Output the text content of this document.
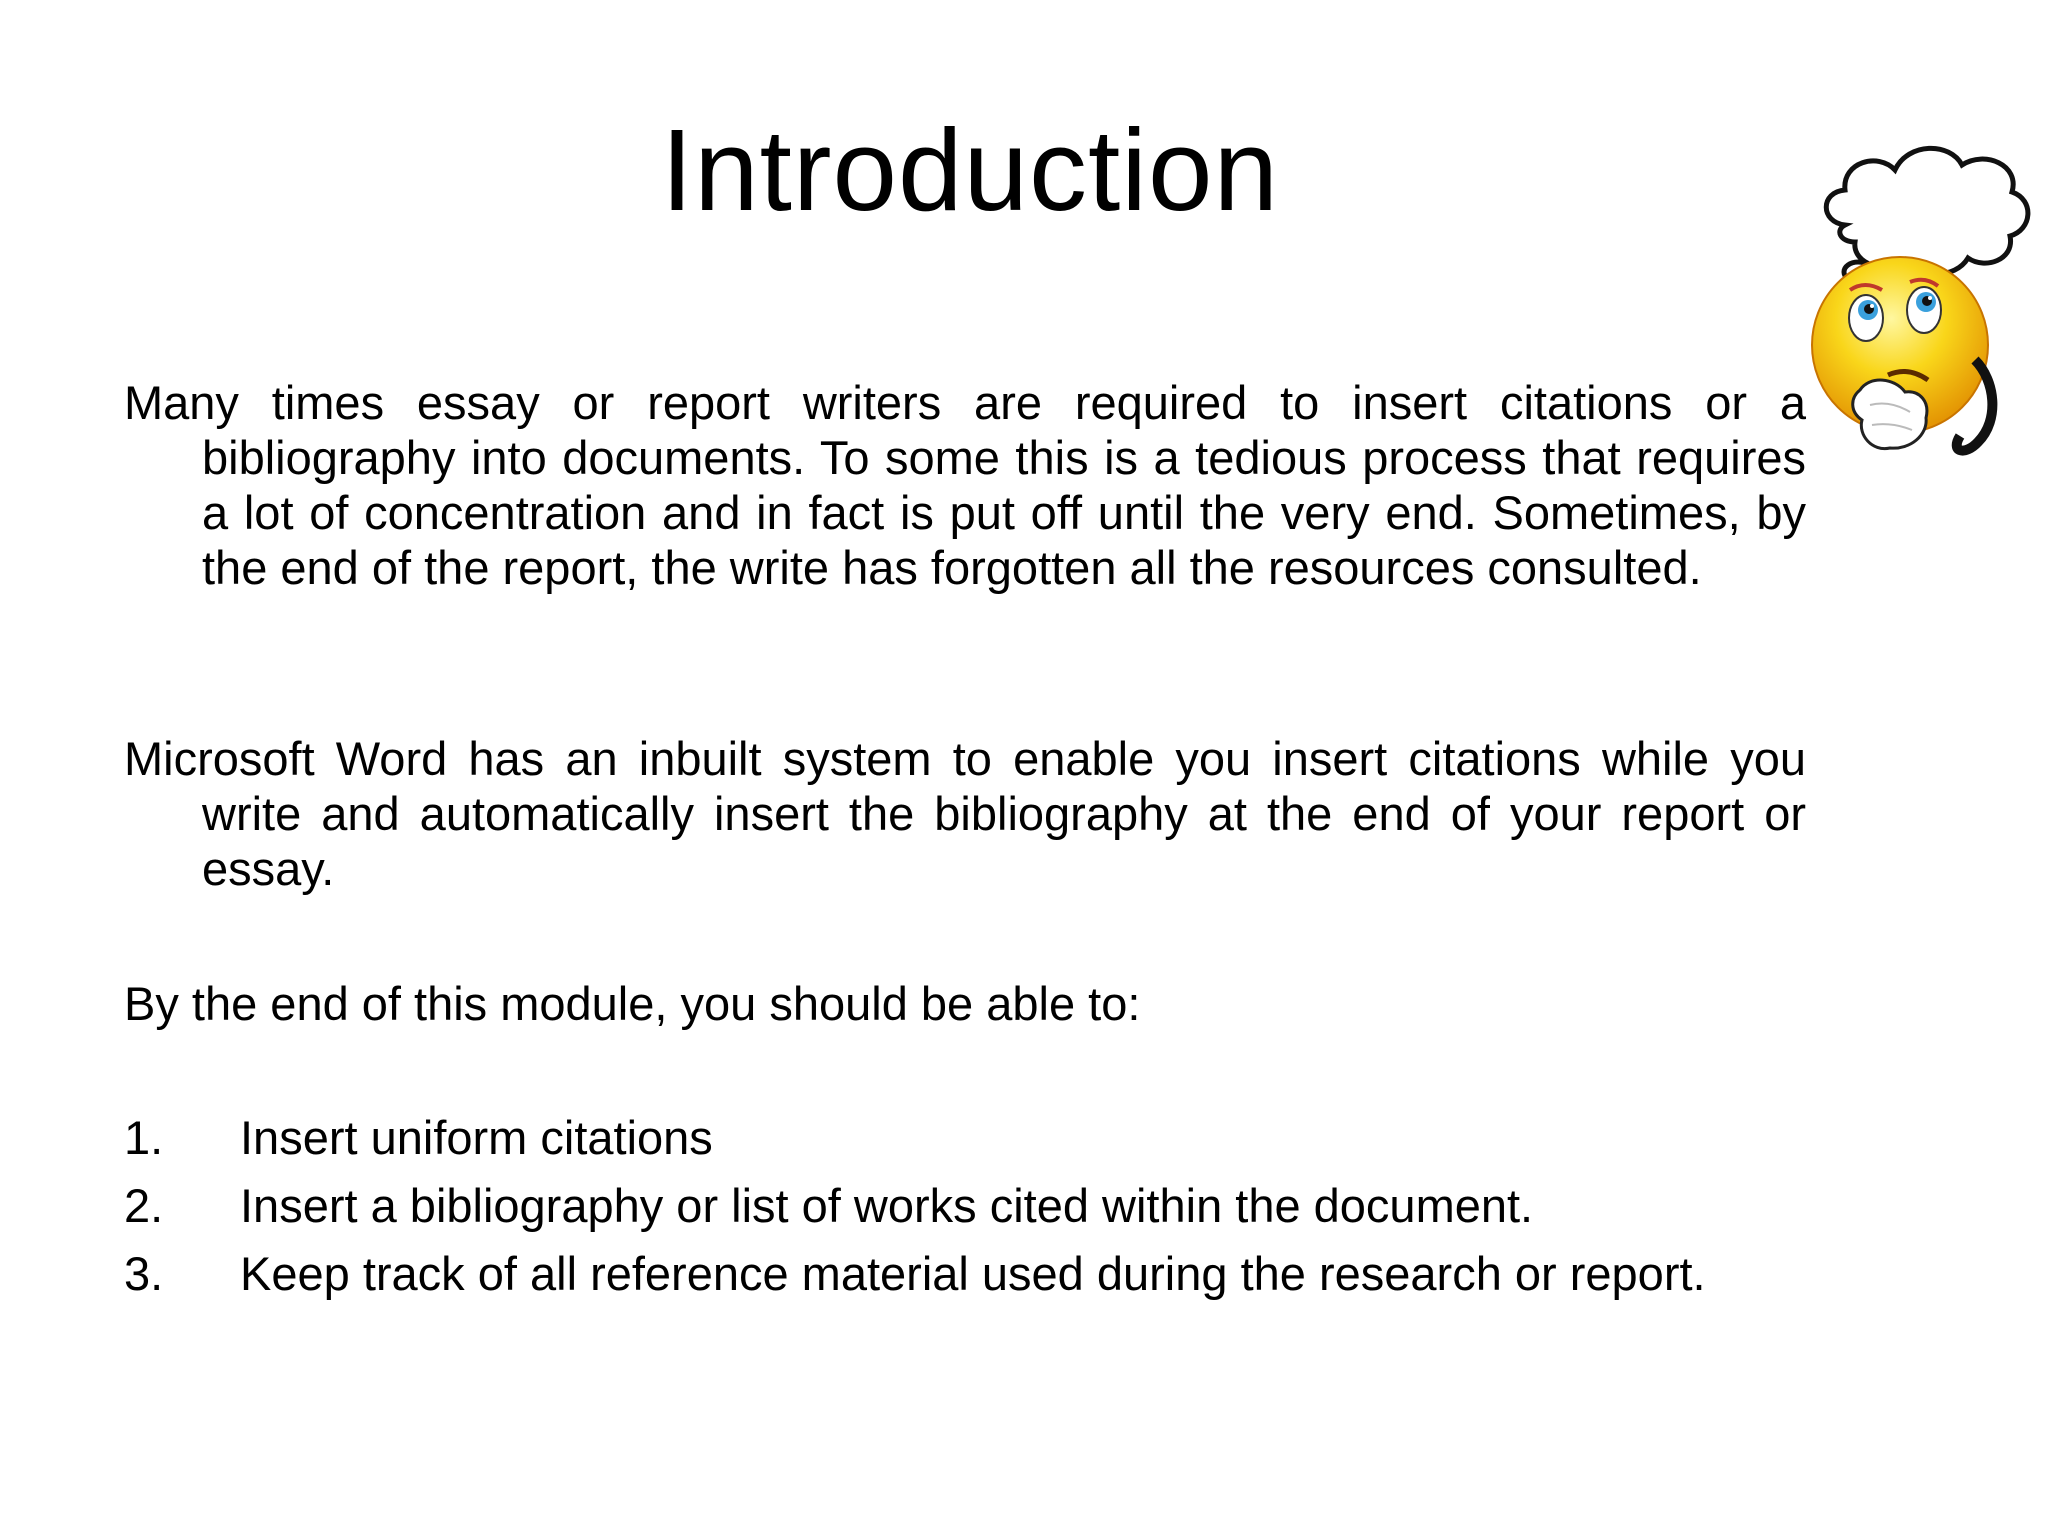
Introduction

Many times essay or report writers are required to insert citations or a bibliography into documents. To some this is a tedious process that requires a lot of concentration and in fact is put off until the very end. Sometimes, by the end of the report, the write has forgotten all the resources consulted.

Microsoft Word has an inbuilt system to enable you insert citations while you write and automatically insert the bibliography at the end of your report or essay.

By the end of this module, you should be able to:

1. Insert uniform citations
2. Insert a bibliography or list of works cited within the document.
3. Keep track of all reference material used during the research or report.
